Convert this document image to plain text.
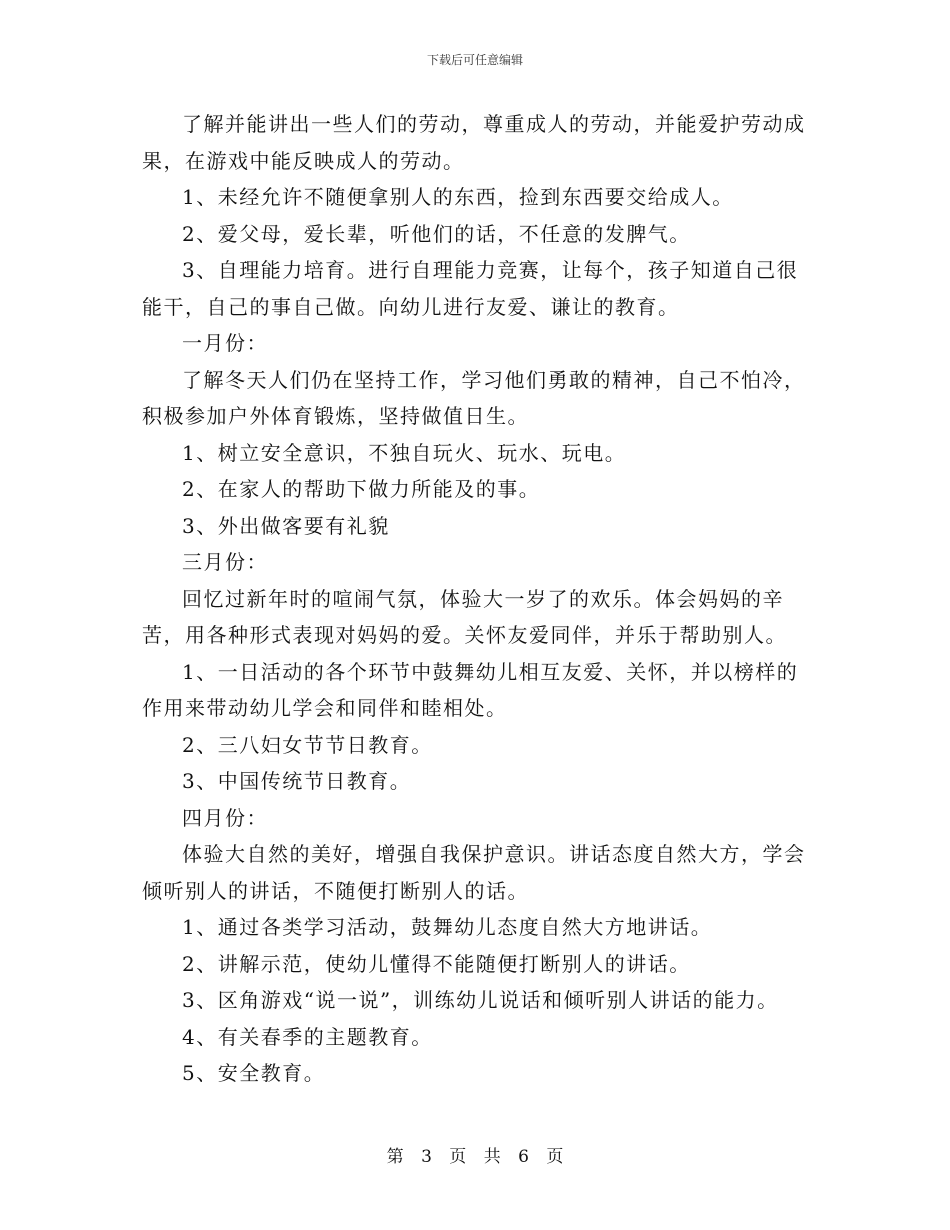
下载后可任意编辑

了解并能讲出一些人们的劳动，尊重成人的劳动，并能爱护劳动成果，在游戏中能反映成人的劳动。

1、未经允许不随便拿别人的东西，捡到东西要交给成人。

2、爱父母，爱长辈，听他们的话，不任意的发脾气。

3、自理能力培育。进行自理能力竞赛，让每个，孩子知道自己很能干，自己的事自己做。向幼儿进行友爱、谦让的教育。

一月份：

了解冬天人们仍在坚持工作，学习他们勇敢的精神，自己不怕冷，积极参加户外体育锻炼，坚持做值日生。

1、树立安全意识，不独自玩火、玩水、玩电。

2、在家人的帮助下做力所能及的事。

3、外出做客要有礼貌

三月份：

回忆过新年时的喧闹气氛，体验大一岁了的欢乐。体会妈妈的辛苦，用各种形式表现对妈妈的爱。关怀友爱同伴，并乐于帮助别人。

1、一日活动的各个环节中鼓舞幼儿相互友爱、关怀，并以榜样的作用来带动幼儿学会和同伴和睦相处。

2、三八妇女节节日教育。

3、中国传统节日教育。

四月份：

体验大自然的美好，增强自我保护意识。讲话态度自然大方，学会倾听别人的讲话，不随便打断别人的话。

1、通过各类学习活动，鼓舞幼儿态度自然大方地讲话。

2、讲解示范，使幼儿懂得不能随便打断别人的讲话。

3、区角游戏“说一说”，训练幼儿说话和倾听别人讲话的能力。

4、有关春季的主题教育。

5、安全教育。

第 3 页 共 6 页
